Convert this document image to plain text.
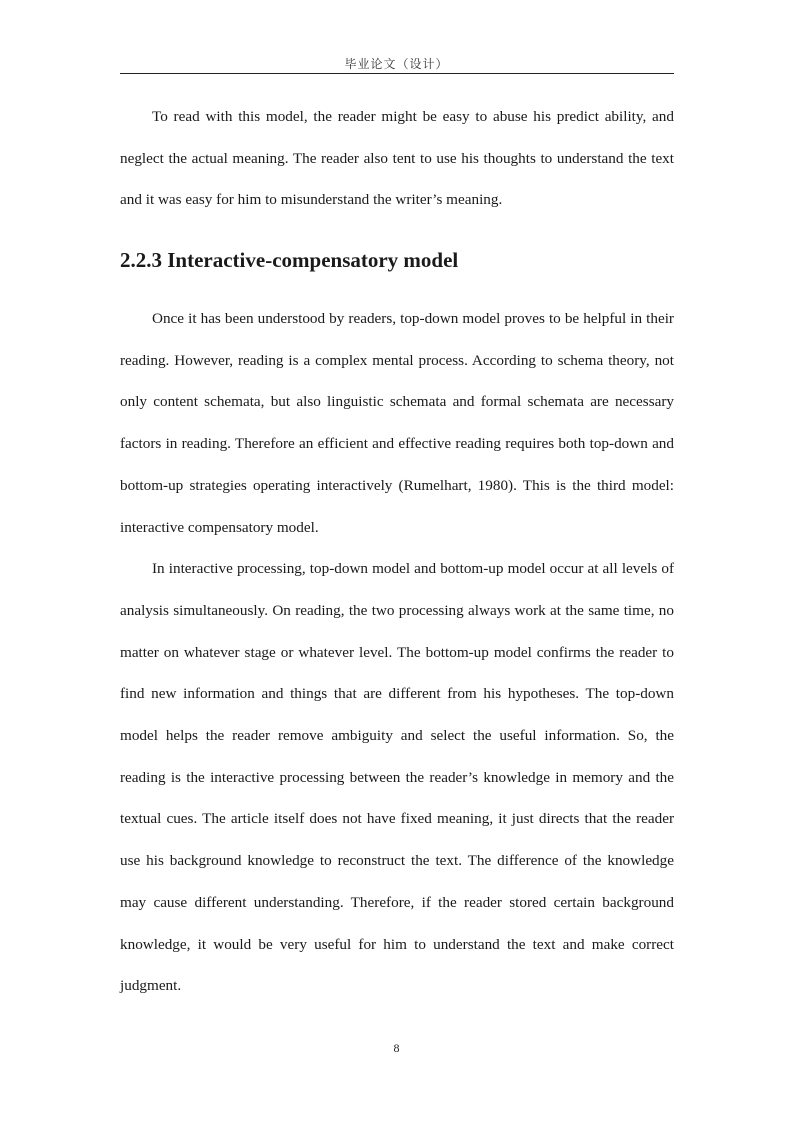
毕业论文（设计）

To read with this model, the reader might be easy to abuse his predict ability, and neglect the actual meaning. The reader also tent to use his thoughts to understand the text and it was easy for him to misunderstand the writer’s meaning.

2.2.3 Interactive-compensatory model

Once it has been understood by readers, top-down model proves to be helpful in their reading. However, reading is a complex mental process. According to schema theory, not only content schemata, but also linguistic schemata and formal schemata are necessary factors in reading. Therefore an efficient and effective reading requires both top-down and bottom-up strategies operating interactively (Rumelhart, 1980). This is the third model: interactive compensatory model.

In interactive processing, top-down model and bottom-up model occur at all levels of analysis simultaneously. On reading, the two processing always work at the same time, no matter on whatever stage or whatever level. The bottom-up model confirms the reader to find new information and things that are different from his hypotheses. The top-down model helps the reader remove ambiguity and select the useful information. So, the reading is the interactive processing between the reader’s knowledge in memory and the textual cues. The article itself does not have fixed meaning, it just directs that the reader use his background knowledge to reconstruct the text. The difference of the knowledge may cause different understanding. Therefore, if the reader stored certain background knowledge, it would be very useful for him to understand the text and make correct judgment.

8
